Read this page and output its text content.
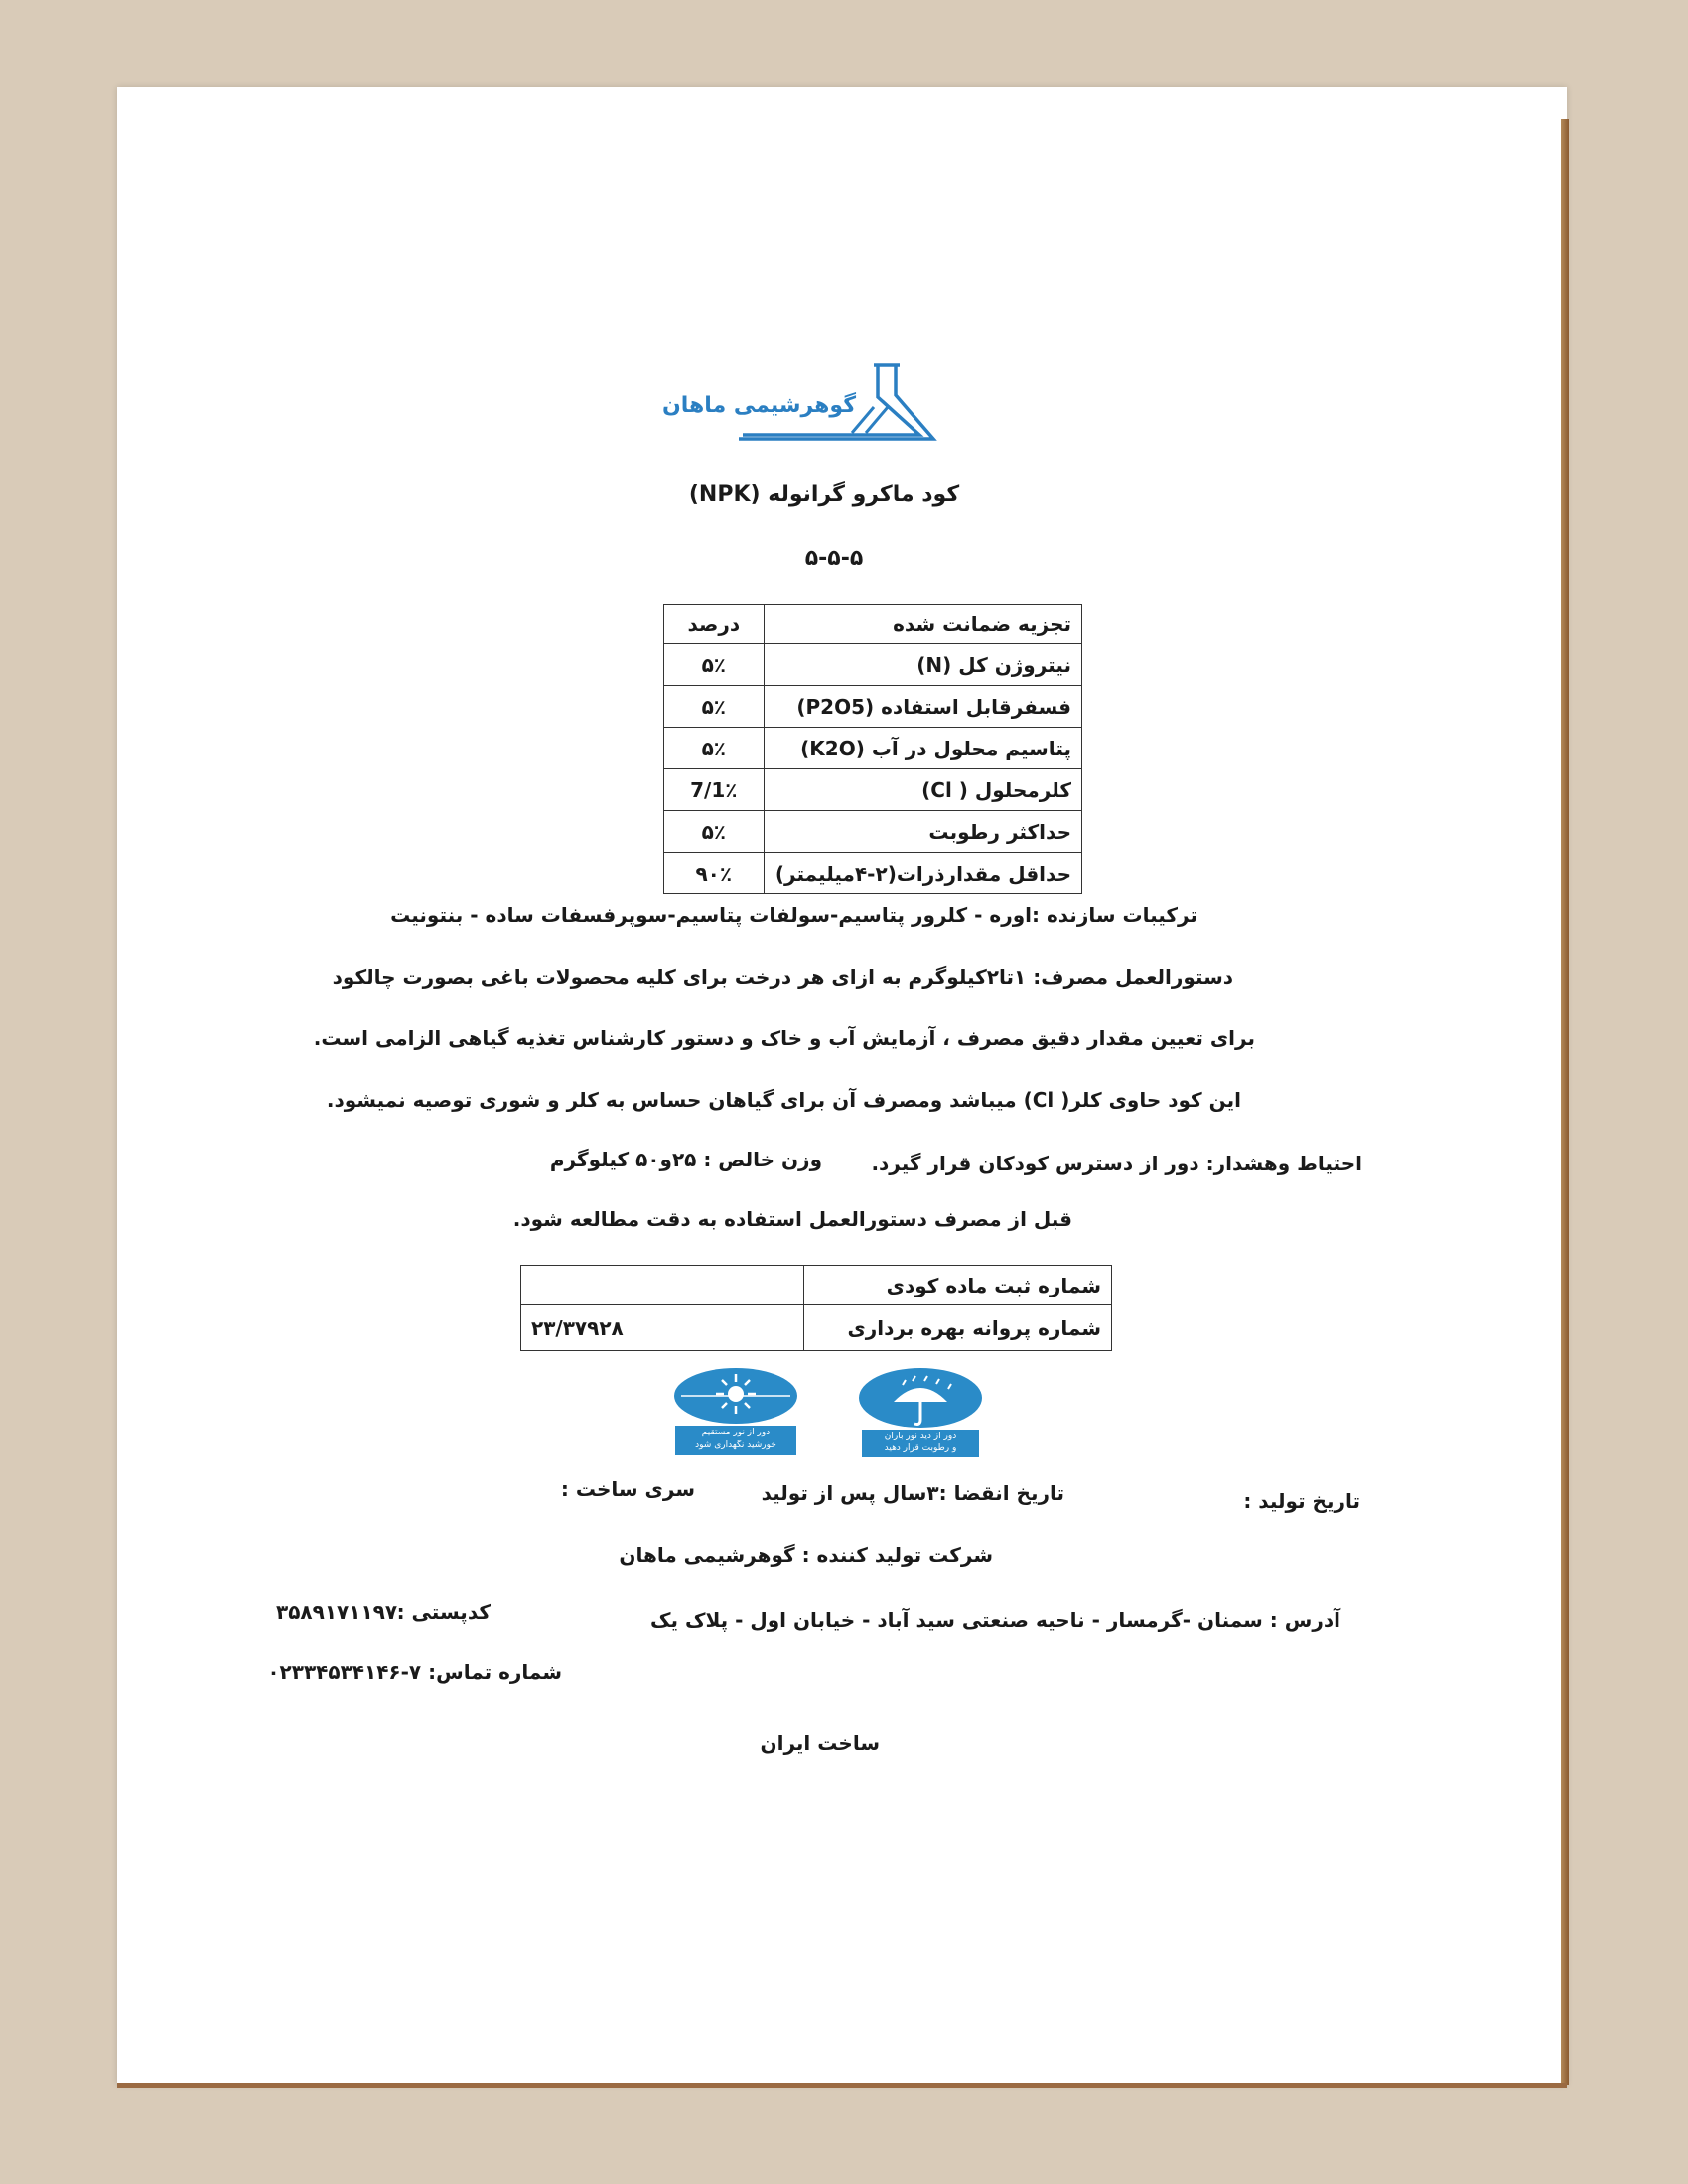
گوهرشیمی ماهان
کود ماکرو گرانوله (NPK)
۵-۵-۵
تجزیه ضمانت شده	درصد
نیتروژن کل (N)	۵٪
فسفرقابل استفاده (P2O5)	۵٪
پتاسیم محلول در آب (K2O)	۵٪
کلرمحلول ( Cl)	7/1٪
حداکثر رطوبت	۵٪
حداقل مقدارذرات(۲-۴میلیمتر)	۹۰٪
ترکیبات سازنده :اوره - کلرور پتاسیم-سولفات پتاسیم-سوپرفسفات ساده - بنتونیت
دستورالعمل مصرف: ۱تا۲کیلوگرم به ازای هر درخت برای کلیه محصولات باغی بصورت چالکود
برای تعیین مقدار دقیق مصرف ، آزمایش آب و خاک و دستور کارشناس تغذیه گیاهی الزامی است.
این کود حاوی کلر( Cl) میباشد ومصرف آن برای گیاهان حساس به کلر و شوری توصیه نمیشود.
احتیاط وهشدار: دور از دسترس کودکان قرار گیرد.
وزن خالص : ۲۵و۵۰ کیلوگرم
قبل از مصرف دستورالعمل استفاده به دقت مطالعه شود.
شماره ثبت ماده کودی	
شماره پروانه بهره برداری	۲۳/۳۷۹۲۸
دور از دید نور باران
و رطوبت قرار دهید
دور از نور مستقیم
خورشید نگهداری شود
تاریخ تولید :
تاریخ انقضا :۳سال پس از تولید
سری ساخت :
شرکت تولید کننده : گوهرشیمی ماهان
آدرس : سمنان -گرمسار - ناحیه صنعتی سید آباد - خیابان اول - پلاک یک
کدپستی :
۳۵۸۹۱۷۱۱۹۷
شماره تماس: ۷-۰۲۳۳۴۵۳۴۱۴۶
ساخت ایران
